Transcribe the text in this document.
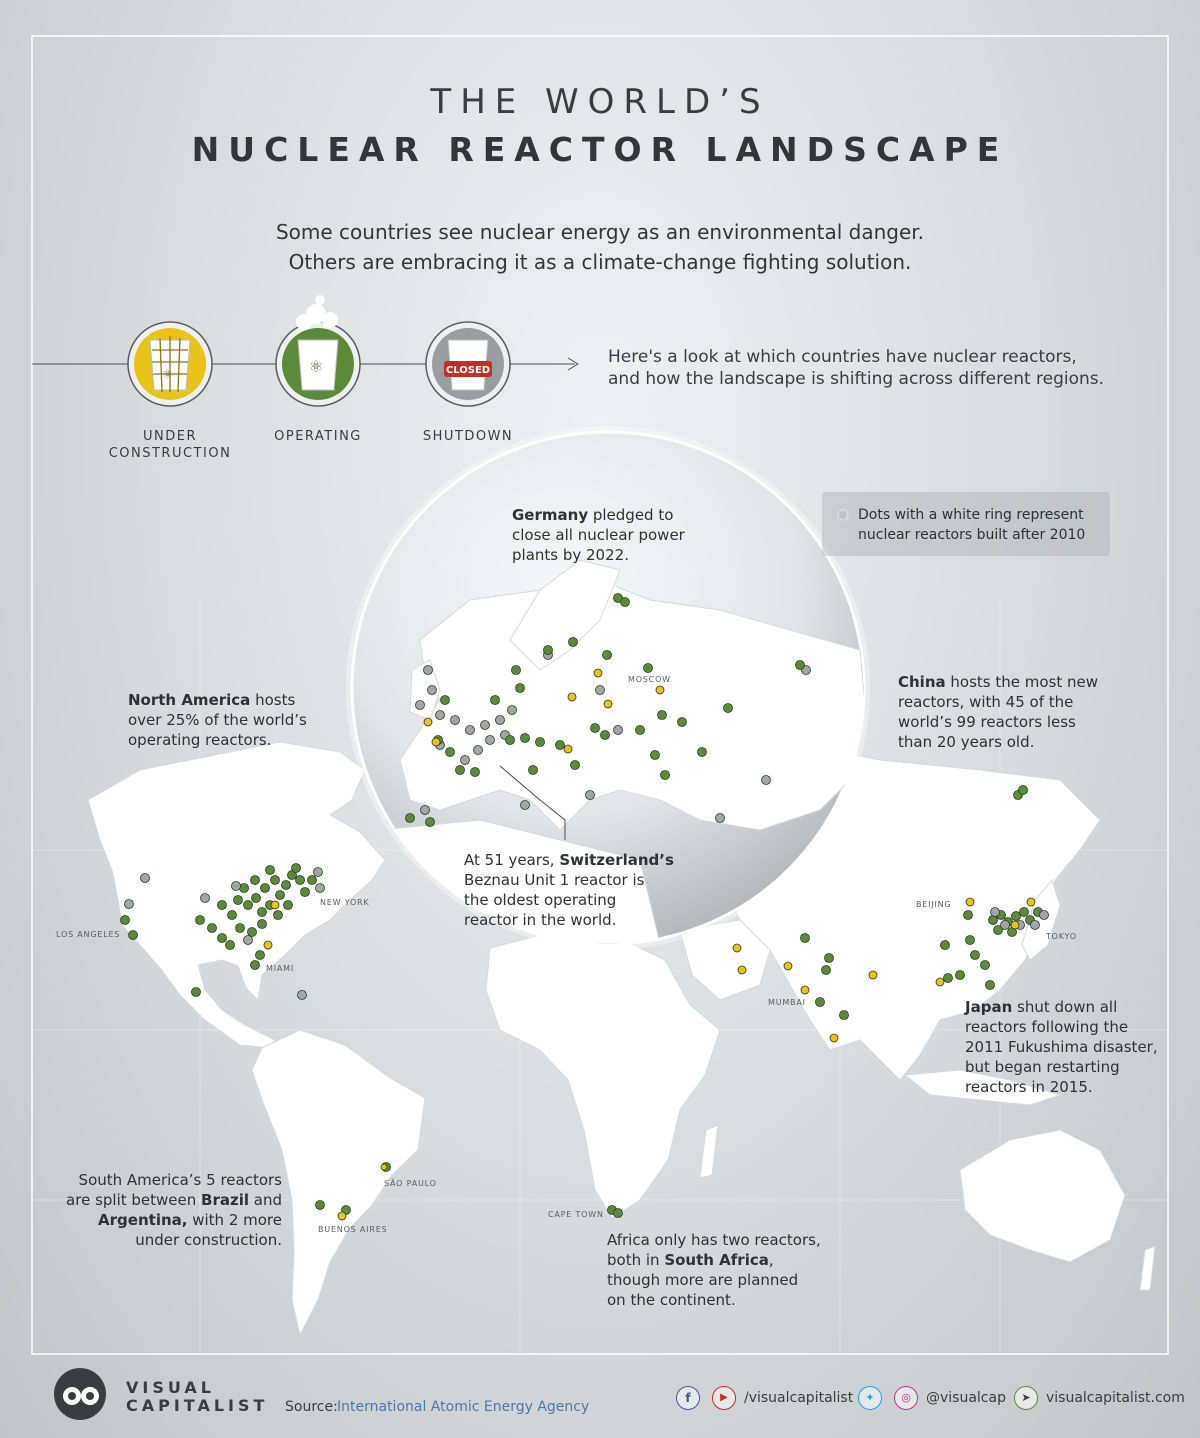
⚛	⚛	CLOSED
THE WORLD’S
NUCLEAR REACTOR LANDSCAPE
Some countries see nuclear energy as an environmental danger.
Others are embracing it as a climate-change fighting solution.
Here's a look at which countries have nuclear reactors,
and how the landscape is shifting across different regions.
UNDER
CONSTRUCTION
OPERATING	SHUTDOWN
Dots with a white ring represent
nuclear reactors built after 2010
Germany pledged to
close all nuclear power
plants by 2022.
North America hosts
over 25% of the world’s
operating reactors.
China hosts the most new
reactors, with 45 of the
world’s 99 reactors less
than 20 years old.
At 51 years, Switzerland’s
Beznau Unit 1 reactor is
the oldest operating
reactor in the world.
Japan shut down all
reactors following the
2011 Fukushima disaster,
but began restarting
reactors in 2015.
South America’s 5 reactors
are split between Brazil and
Argentina, with 2 more
under construction.	Africa only has two reactors,
both in South Africa,
though more are planned
on the continent.
MOSCOW
NEW YORK
LOS ANGELES
MIAMI
BEIJING
TOKYO
MUMBAI
SÃO PAULO
BUENOS AIRES
CAPE TOWN
VISUAL
CAPITALIST Source: International Atomic Energy Agency
f	▶	/visualcapitalist	✦	◎	@visualcap	➤	visualcapitalist.com
